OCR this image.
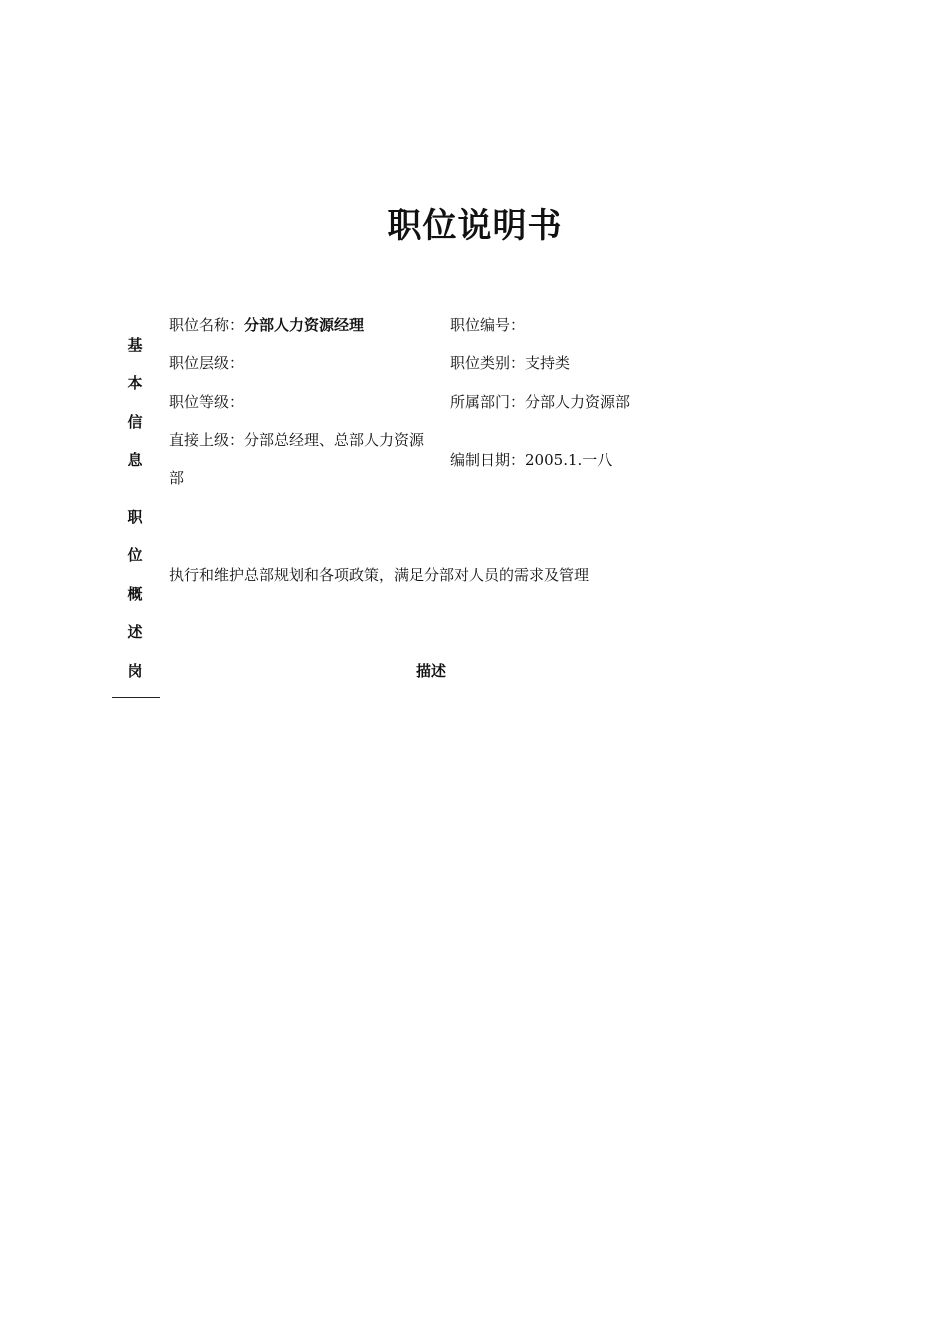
职位说明书
基
本
信
息
职
位
概
述
岗
职位名称：分部人力资源经理
职位层级：
职位等级：
直接上级：分部总经理、总部人力资源部
职位编号：
职位类别：支持类
所属部门：分部人力资源部
编制日期：2005.1.一八
执行和维护总部规划和各项政策，满足分部对人员的需求及管理
描述
